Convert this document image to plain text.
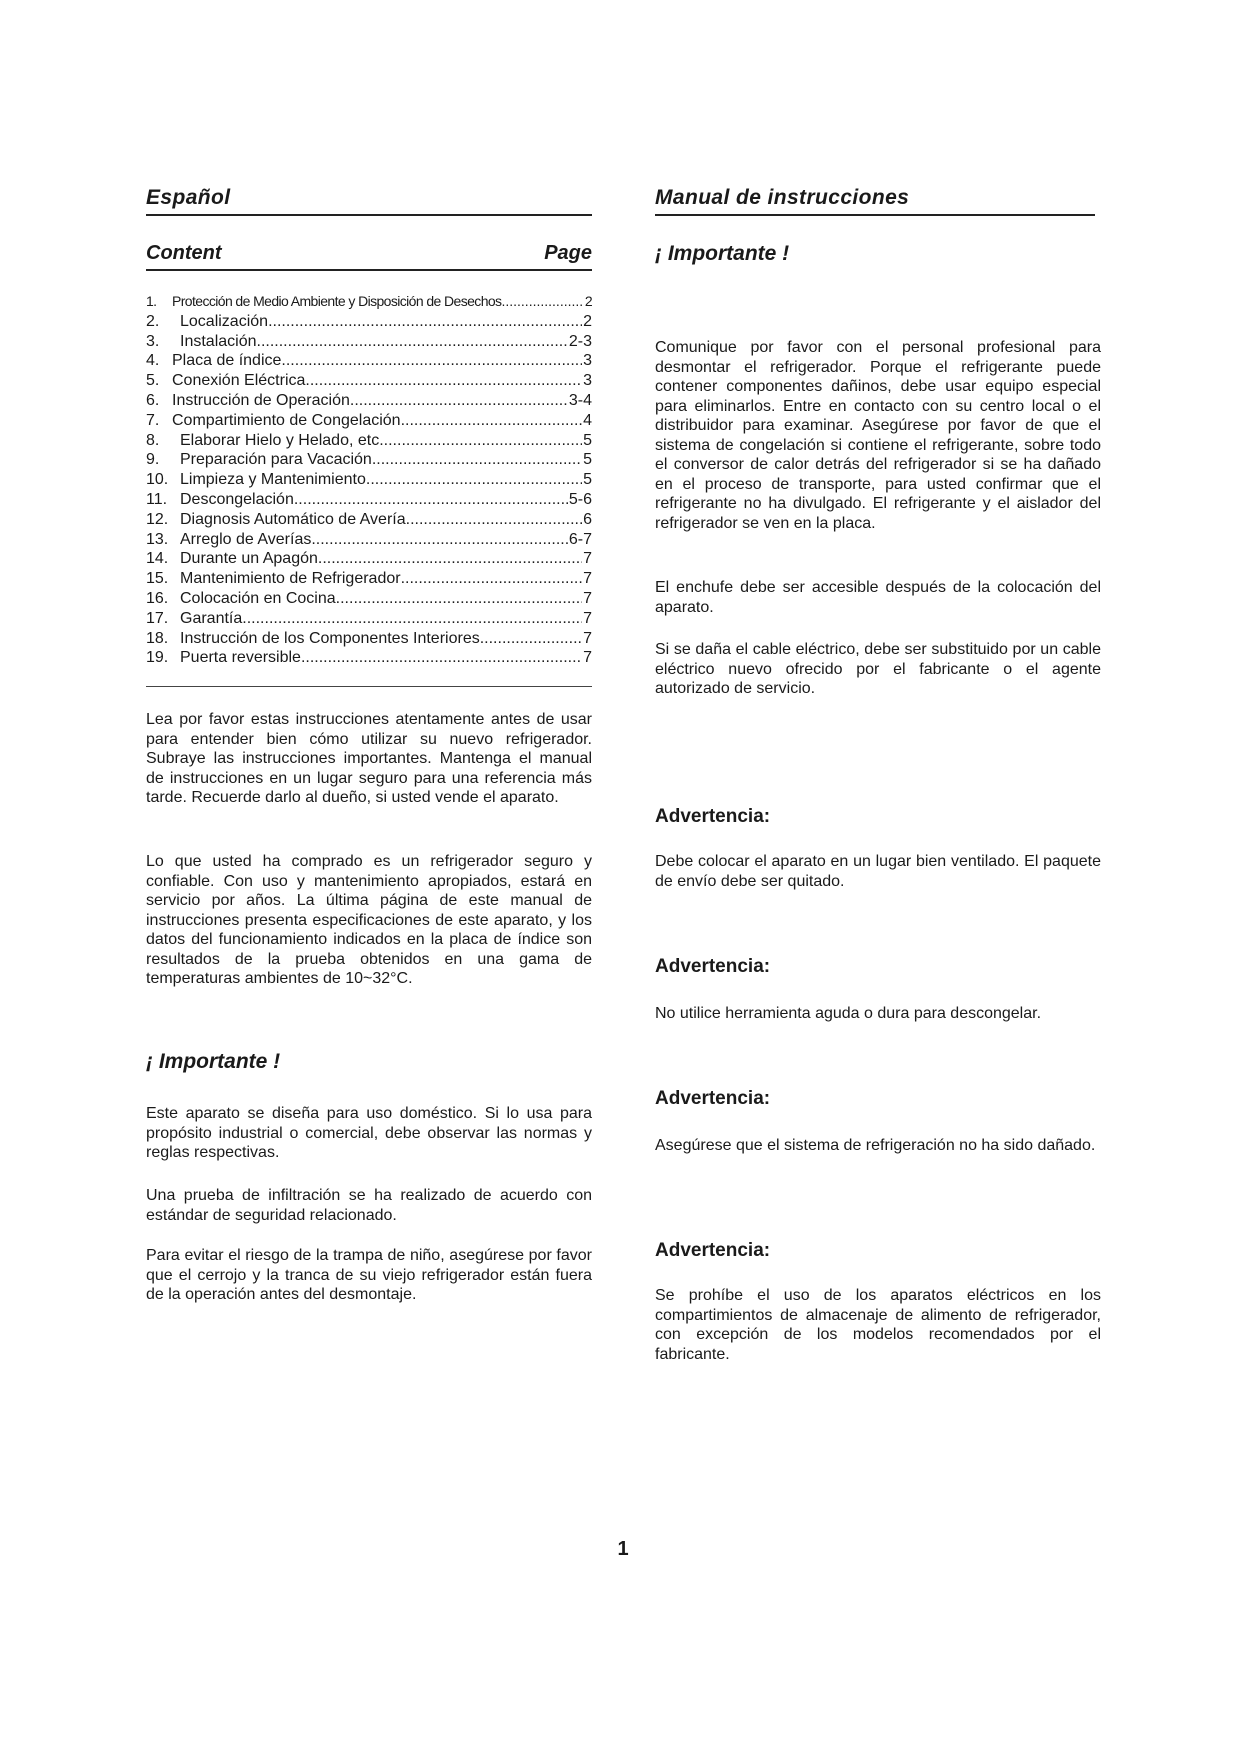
Español	Manual de instrucciones
Content	Page
1.	Protección de Medio Ambiente y Disposición de Desechos .....	2
2.	Localización .....	2
3.	Instalación .....	2-3
4. Placa de índice .....	3
5. Conexión Eléctrica .....	3
6. Instrucción de Operación .....	3-4
7. Compartimiento de Congelación .....	4
8.	Elaborar Hielo y Helado, etc .....	5
9.	Preparación para Vacación .....	5
10. Limpieza y Mantenimiento .....	5
11. Descongelación .....	5-6
12. Diagnosis Automático de Avería .....	6
13. Arreglo de Averías .....	6-7
14. Durante un Apagón .....	7
15. Mantenimiento de Refrigerador .....	7
16. Colocación en Cocina .....	7
17. Garantía .....	7
18. Instrucción de los Componentes Interiores .....	7
19. Puerta reversible .....	7

Lea por favor estas instrucciones atentamente antes de usar para entender bien cómo utilizar su nuevo refrigerador. Subraye las instrucciones importantes. Mantenga el manual de instrucciones en un lugar seguro para una referencia más tarde. Recuerde darlo al dueño, si usted vende el aparato.

Lo que usted ha comprado es un refrigerador seguro y confiable. Con uso y mantenimiento apropiados, estará en servicio por años. La última página de este manual de instrucciones presenta especificaciones de este aparato, y los datos del funcionamiento indicados en la placa de índice son resultados de la prueba obtenidos en una gama de temperaturas ambientes de 10~32°C.

¡ Importante !

Este aparato se diseña para uso doméstico. Si lo usa para propósito industrial o comercial, debe observar las normas y reglas respectivas.

Una prueba de infiltración se ha realizado de acuerdo con estándar de seguridad relacionado.

Para evitar el riesgo de la trampa de niño, asegúrese por favor que el cerrojo y la tranca de su viejo refrigerador están fuera de la operación antes del desmontaje.

¡ Importante !

Comunique por favor con el personal profesional para desmontar el refrigerador. Porque el refrigerante puede contener componentes dañinos, debe usar equipo especial para eliminarlos. Entre en contacto con su centro local o el distribuidor para examinar. Asegúrese por favor de que el sistema de congelación si contiene el refrigerante, sobre todo el conversor de calor detrás del refrigerador si se ha dañado en el proceso de transporte, para usted confirmar que el refrigerante no ha divulgado. El refrigerante y el aislador del refrigerador se ven en la placa.

El enchufe debe ser accesible después de la colocación del aparato.

Si se daña el cable eléctrico, debe ser substituido por un cable eléctrico nuevo ofrecido por el fabricante o el agente autorizado de servicio.

Advertencia:

Debe colocar el aparato en un lugar bien ventilado. El paquete de envío debe ser quitado.

Advertencia:

No utilice herramienta aguda o dura para descongelar.

Advertencia:

Asegúrese que el sistema de refrigeración no ha sido dañado.

Advertencia:

Se prohíbe el uso de los aparatos eléctricos en los compartimientos de almacenaje de alimento de refrigerador, con excepción de los modelos recomendados por el fabricante.

1
